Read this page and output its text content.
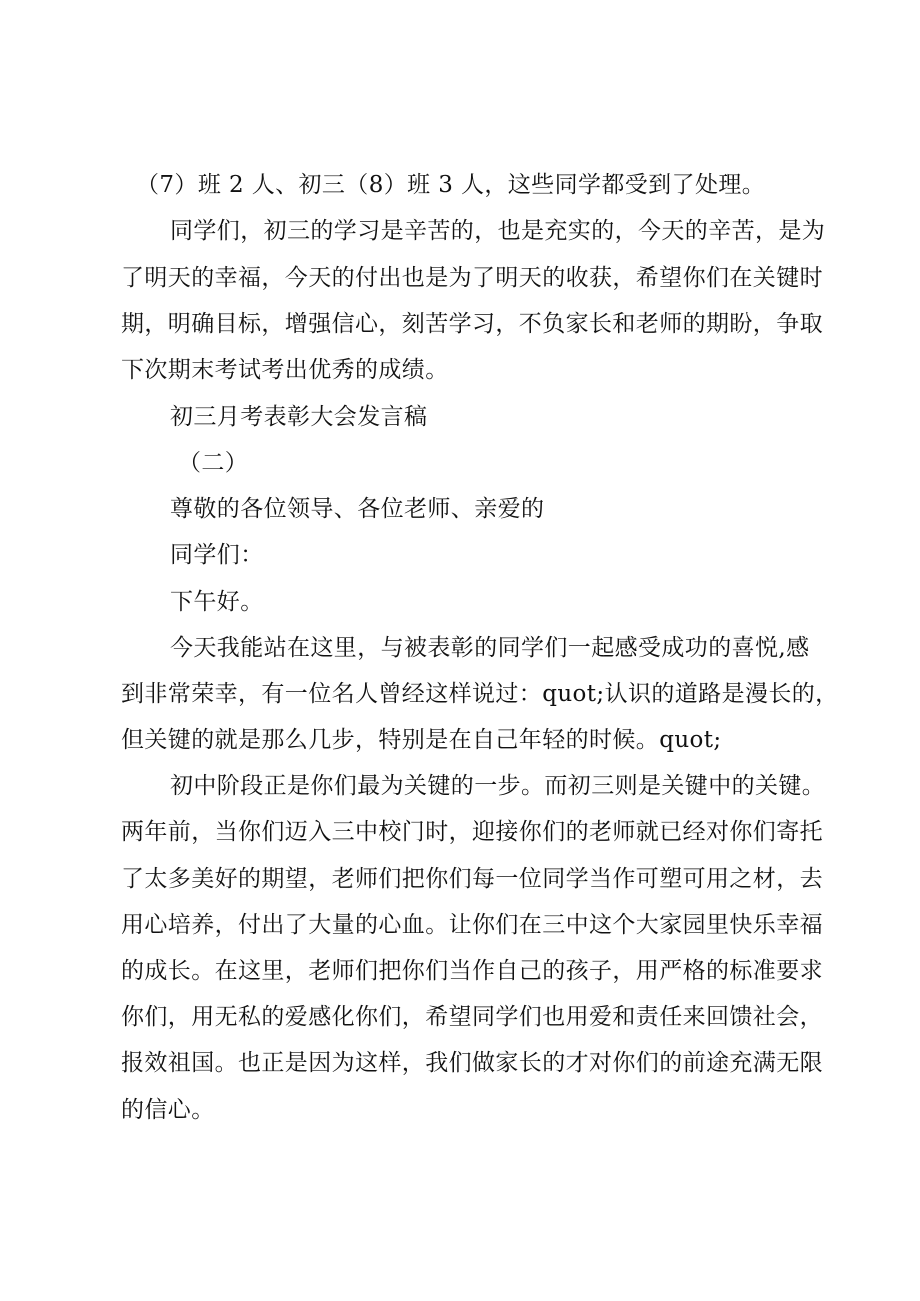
（7）班 2 人、初三（8）班 3 人，这些同学都受到了处理。
同学们，初三的学习是辛苦的，也是充实的，今天的辛苦，是为
了明天的幸福，今天的付出也是为了明天的收获，希望你们在关键时
期，明确目标，增强信心，刻苦学习，不负家长和老师的期盼，争取
下次期末考试考出优秀的成绩。
初三月考表彰大会发言稿
（二）
尊敬的各位领导、各位老师、亲爱的
同学们：
下午好。
今天我能站在这里，与被表彰的同学们一起感受成功的喜悦,感
到非常荣幸，有一位名人曾经这样说过：quot;认识的道路是漫长的，
但关键的就是那么几步，特别是在自己年轻的时候。quot;
初中阶段正是你们最为关键的一步。而初三则是关键中的关键。
两年前，当你们迈入三中校门时，迎接你们的老师就已经对你们寄托
了太多美好的期望，老师们把你们每一位同学当作可塑可用之材，去
用心培养，付出了大量的心血。让你们在三中这个大家园里快乐幸福
的成长。在这里，老师们把你们当作自己的孩子，用严格的标准要求
你们，用无私的爱感化你们，希望同学们也用爱和责任来回馈社会，
报效祖国。也正是因为这样，我们做家长的才对你们的前途充满无限
的信心。
